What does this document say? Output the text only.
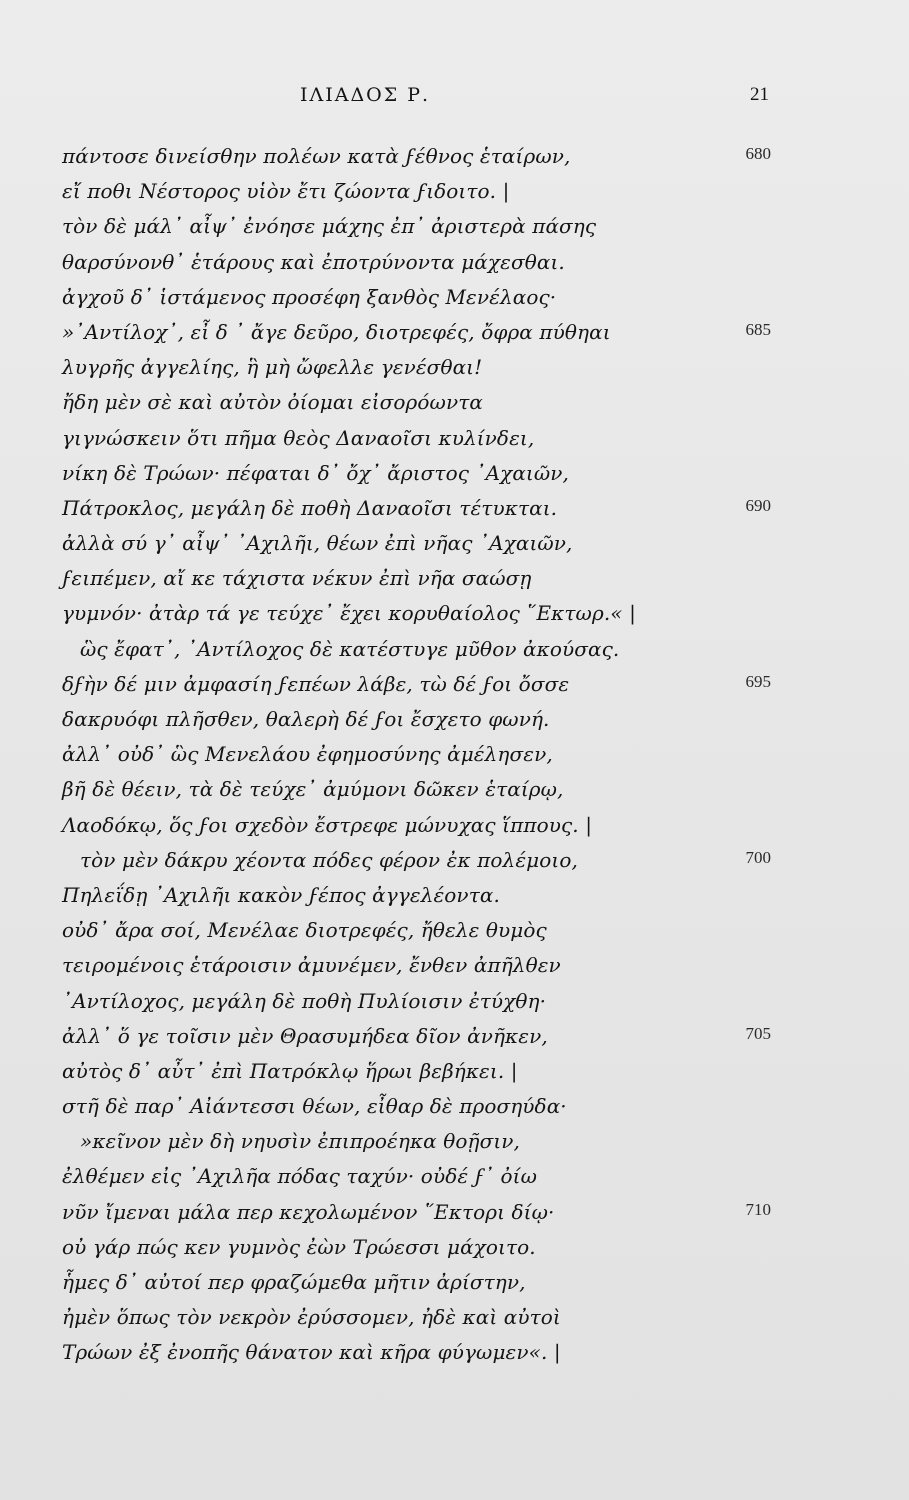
ΙΛΙΑΔΟΣ Ρ.	21
πάντοσε δινείσθην πολέων κατὰ ϝέθνος ἑταίρων,	680
εἴ ποθι Νέστορος υἱὸν ἔτι ζώοντα ϝιδοιτο. |
τὸν δὲ μάλ᾽ αἶψ᾽ ἐνόησε μάχης ἐπ᾽ ἀριστερὰ πάσης
θαρσύνονθ᾽ ἑτάρους καὶ ἐποτρύνοντα μάχεσθαι.
ἀγχοῦ δ᾽ ἱστάμενος προσέφη ξανθὸς Μενέλαος·
»᾽Αντίλοχ᾽, εἶ δ ᾽ ἄγε δεῦρο, διοτρεφές, ὄφρα πύθηαι	685
λυγρῆς ἀγγελίης, ἣ μὴ ὤφελλε γενέσθαι!
ἤδη μὲν σὲ καὶ αὐτὸν ὀίομαι εἰσορόωντα
γιγνώσκειν ὅτι πῆμα θεὸς Δαναοῖσι κυλίνδει,
νίκη δὲ Τρώων· πέφαται δ᾽ ὄχ᾽ ἄριστος ᾽Αχαιῶν,
Πάτροκλος, μεγάλη δὲ ποθὴ Δαναοῖσι τέτυκται.	690
ἀλλὰ σύ γ᾽ αἶψ᾽ ᾽Αχιλῆι, θέων ἐπὶ νῆας ᾽Αχαιῶν,
ϝειπέμεν, αἴ κε τάχιστα νέκυν ἐπὶ νῆα σαώσῃ
γυμνόν· ἀτὰρ τά γε τεύχε᾽ ἔχει κορυθαίολος ῞Εκτωρ.« |
ὣς ἔφατ᾽, ᾽Αντίλοχος δὲ κατέστυγε μῦθον ἀκούσας.
δϝὴν δέ μιν ἀμφασίη ϝεπέων λάβε, τὼ δέ ϝοι ὄσσε	695
δακρυόφι πλῆσθεν, θαλερὴ δέ ϝοι ἔσχετο φωνή.
ἀλλ᾽ οὐδ᾽ ὣς Μενελάου ἐφημοσύνης ἀμέλησεν,
βῆ δὲ θέειν, τὰ δὲ τεύχε᾽ ἀμύμονι δῶκεν ἑταίρῳ,
Λαοδόκῳ, ὅς ϝοι σχεδὸν ἔστρεφε μώνυχας ἵππους. |
τὸν μὲν δάκρυ χέοντα πόδες φέρον ἐκ πολέμοιο,	700
Πηλεΐδῃ ᾽Αχιλῆι κακὸν ϝέπος ἀγγελέοντα.
οὐδ᾽ ἄρα σοί, Μενέλαε διοτρεφές, ἤθελε θυμὸς
τειρομένοις ἑτάροισιν ἀμυνέμεν, ἔνθεν ἀπῆλθεν
᾽Αντίλοχος, μεγάλη δὲ ποθὴ Πυλίοισιν ἐτύχθη·
ἀλλ᾽ ὅ γε τοῖσιν μὲν Θρασυμήδεα δῖον ἀνῆκεν,	705
αὐτὸς δ᾽ αὖτ᾽ ἐπὶ Πατρόκλῳ ἥρωι βεβήκει. |
στῆ δὲ παρ᾽ Αἰάντεσσι θέων, εἶθαρ δὲ προσηύδα·
»κεῖνον μὲν δὴ νηυσὶν ἐπιπροέηκα θοῇσιν,
ἐλθέμεν εἰς ᾽Αχιλῆα πόδας ταχύν· οὐδέ ϝ᾽ ὀίω
νῦν ἴμεναι μάλα περ κεχολωμένον ῞Εκτορι δίῳ·	710
οὐ γάρ πώς κεν γυμνὸς ἐὼν Τρώεσσι μάχοιτο.
ἧμες δ᾽ αὐτοί περ φραζώμεθα μῆτιν ἀρίστην,
ἠμὲν ὅπως τὸν νεκρὸν ἐρύσσομεν, ἠδὲ καὶ αὐτοὶ
Τρώων ἐξ ἐνοπῆς θάνατον καὶ κῆρα φύγωμεν«. |
